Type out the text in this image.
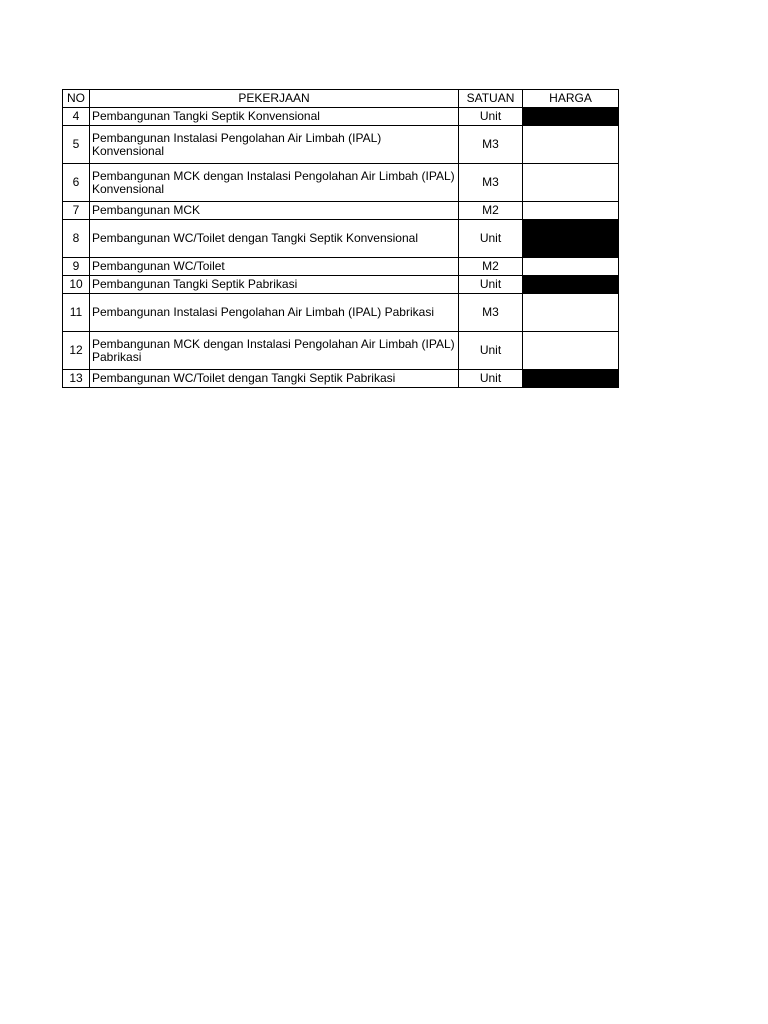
NO	PEKERJAAN	SATUAN	HARGA
4	Pembangunan Tangki Septik Konvensional	Unit	
5	Pembangunan Instalasi Pengolahan Air Limbah (IPAL) Konvensional	M3	
6	Pembangunan MCK dengan Instalasi Pengolahan Air Limbah (IPAL) Konvensional	M3	
7	Pembangunan MCK	M2	
8	Pembangunan WC/Toilet dengan Tangki Septik Konvensional	Unit	
9	Pembangunan WC/Toilet	M2	
10	Pembangunan Tangki Septik Pabrikasi	Unit	
11	Pembangunan Instalasi Pengolahan Air Limbah (IPAL) Pabrikasi	M3	
12	Pembangunan MCK dengan Instalasi Pengolahan Air Limbah (IPAL) Pabrikasi	Unit	
13	Pembangunan WC/Toilet dengan Tangki Septik Pabrikasi	Unit	
